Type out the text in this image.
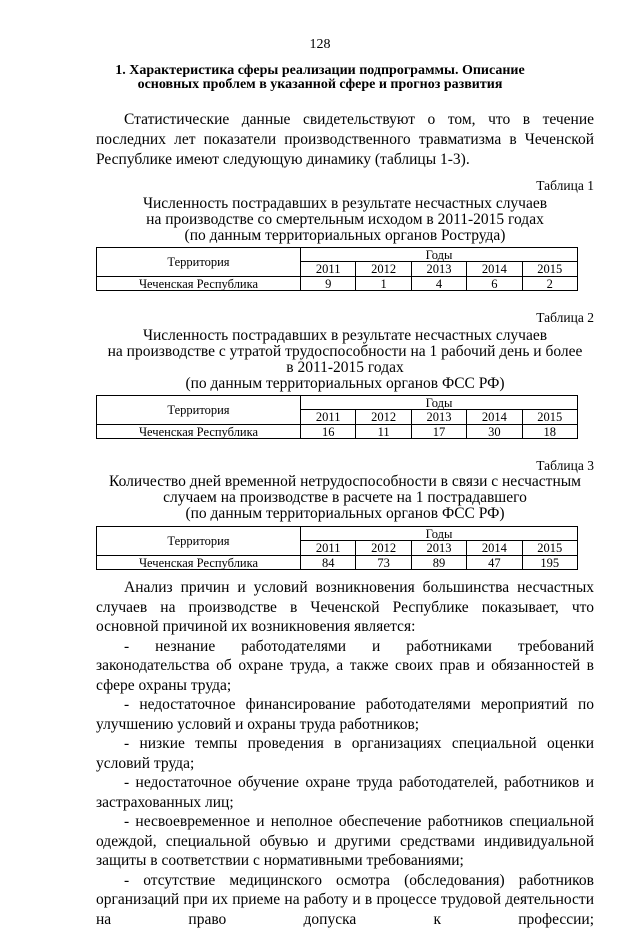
128
1. Характеристика сферы реализации подпрограммы. Описание
основных проблем в указанной сфере и прогноз развития

Статистические данные свидетельствуют о том, что в течение последних лет показатели производственного травматизма в Чеченской Республике имеют следующую динамику (таблицы 1-3).

Таблица 1
Численность пострадавших в результате несчастных случаев
на производстве со смертельным исходом в 2011-2015 годах
(по данным территориальных органов Роструда)
Территория	Годы				
	2011	2012	2013	2014	2015
Чеченская Республика	9	1	4	6	2
Таблица 2
Численность пострадавших в результате несчастных случаев
на производстве с утратой трудоспособности на 1 рабочий день и более
в 2011-2015 годах
(по данным территориальных органов ФСС РФ)
Территория	Годы				
	2011	2012	2013	2014	2015
Чеченская Республика	16	11	17	30	18
Таблица 3
Количество дней временной нетрудоспособности в связи с несчастным
случаем на производстве в расчете на 1 пострадавшего
(по данным территориальных органов ФСС РФ)
Территория	Годы				
	2011	2012	2013	2014	2015
Чеченская Республика	84	73	89	47	195

Анализ причин и условий возникновения большинства несчастных случаев на производстве в Чеченской Республике показывает, что основной причиной их возникновения является:

- незнание работодателями и работниками требований законодательства об охране труда, а также своих прав и обязанностей в сфере охраны труда;

- недостаточное финансирование работодателями мероприятий по улучшению условий и охраны труда работников;

- низкие темпы проведения в организациях специальной оценки условий труда;

- недостаточное обучение охране труда работодателей, работников и застрахованных лиц;

- несвоевременное и неполное обеспечение работников специальной одеждой, специальной обувью и другими средствами индивидуальной защиты в соответствии с нормативными требованиями;

- отсутствие медицинского осмотра (обследования) работников организаций при их приеме на работу и в процессе трудовой деятельности на право допуска к профессии;
